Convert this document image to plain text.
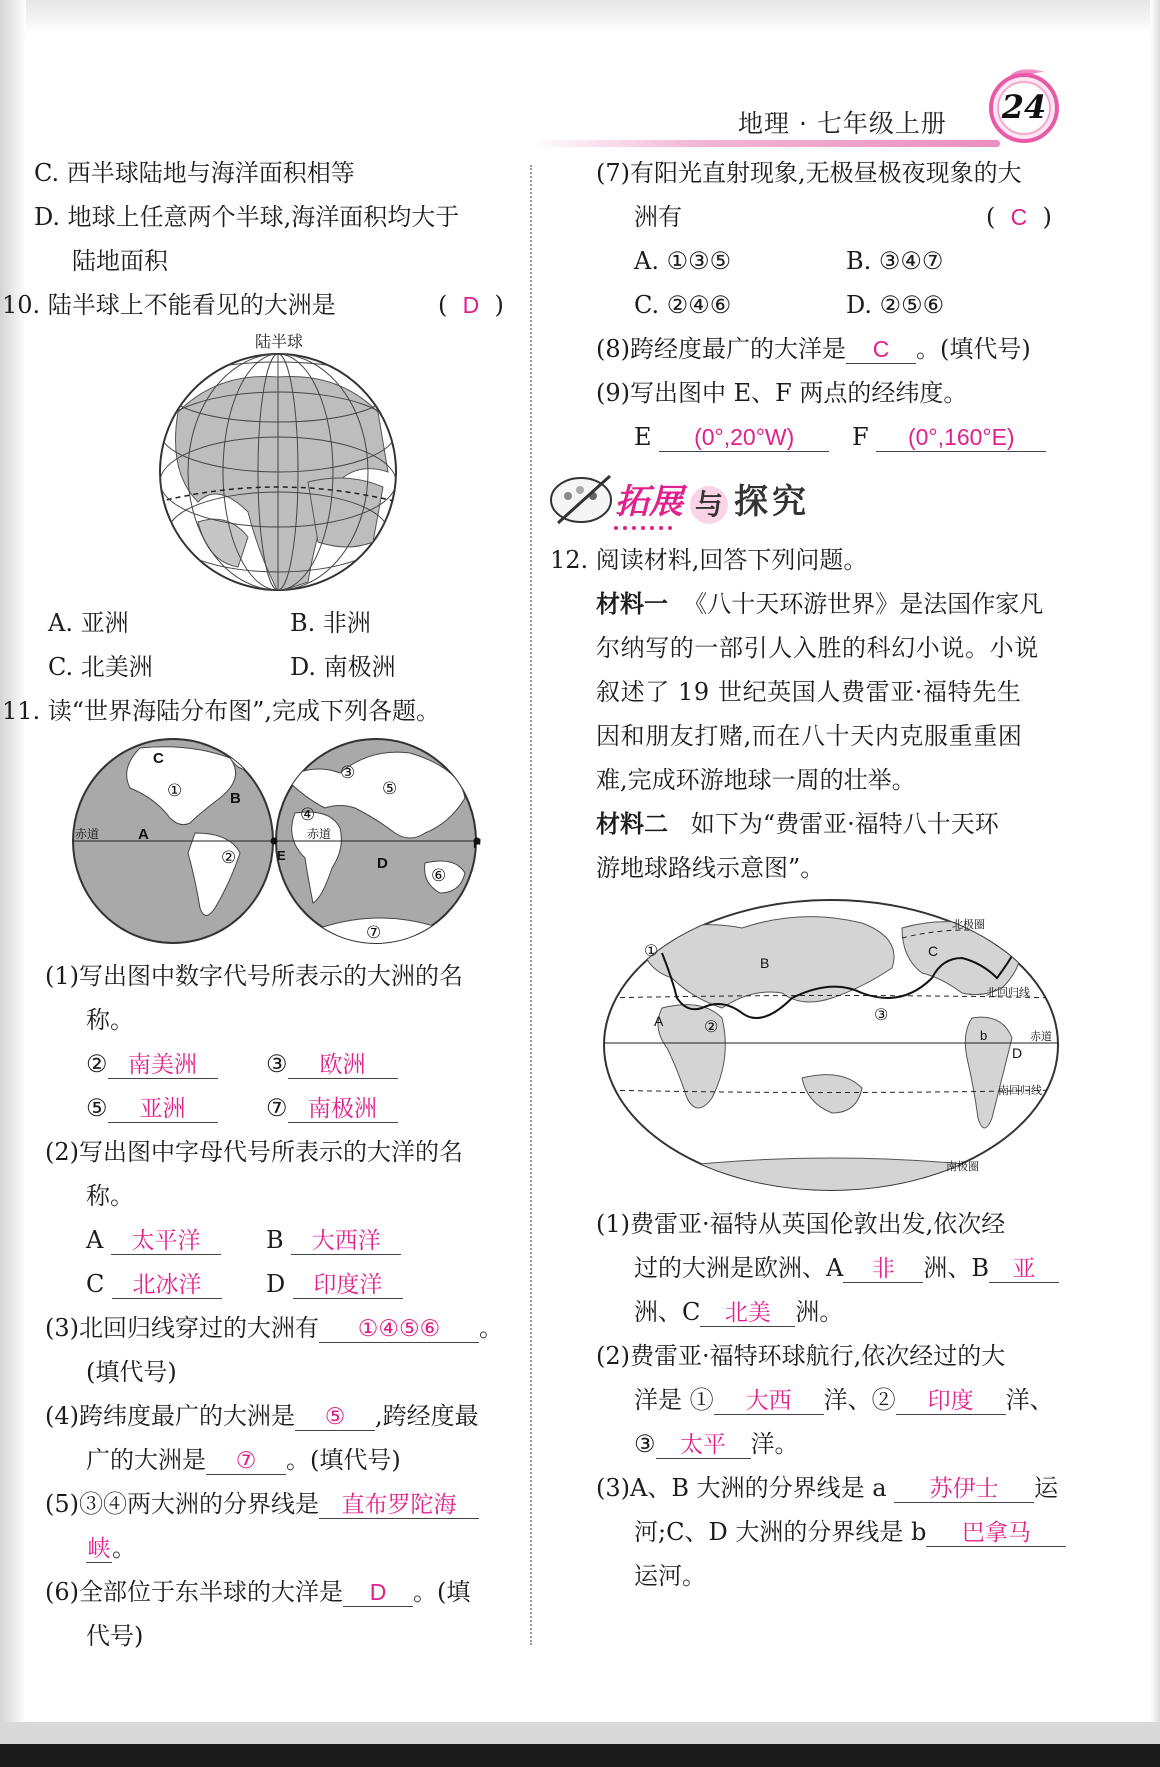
地理 · 七年级上册	24
C. 西半球陆地与海洋面积相等
D. 地球上任意两个半球,海洋面积均大于
陆地面积
10. 陆半球上不能看见的大洲是	(  D  )
陆半球
A. 亚洲	B. 非洲
C. 北美洲	D. 南极洲
11. 读“世界海陆分布图”,完成下列各题。
C
①	B
A
赤道
②	E
③
⑤
④
赤道
D
⑥
F
⑦
(1)写出图中数字代号所表示的大洲的名
称。
② 南美洲	③ 欧洲
⑤ 亚洲	⑦ 南极洲
(2)写出图中字母代号所表示的大洋的名
称。
A 太平洋	B 大西洋
C 北冰洋	D 印度洋
(3)北回归线穿过的大洲有 ①④⑤⑥ 。
(填代号)
(4)跨纬度最广的大洲是 ⑤ ,跨经度最
广的大洲是 ⑦ 。(填代号)
(5)③④两大洲的分界线是 直布罗陀海
峡。
(6)全部位于东半球的大洋是 D 。(填
代号)
(7)有阳光直射现象,无极昼极夜现象的大
洲有	(  C  )
A. ①③⑤	B. ③④⑦
C. ②④⑥	D. ②⑤⑥
(8)跨经度最广的大洋是 C 。(填代号)
(9)写出图中 E、F 两点的经纬度。
E (0°,20°W)	F (0°,160°E)
拓展 与 探究
12. 阅读材料,回答下列问题。
材料一 《八十天环游世界》是法国作家凡
尔纳写的一部引人入胜的科幻小说。小说
叙述了 19 世纪英国人费雷亚·福特先生
因和朋友打赌,而在八十天内克服重重困
难,完成环游地球一周的壮举。
材料二 如下为“费雷亚·福特八十天环
游地球路线示意图”。
A
B
C
D
①
②
③
b
北回归线
赤道
南回归线
南极圈
北极圈
(1)费雷亚·福特从英国伦敦出发,依次经
过的大洲是欧洲、A 非 洲、B 亚
洲、C 北美 洲。
(2)费雷亚·福特环球航行,依次经过的大
洋是 ① 大西 洋、② 印度 洋、
③ 太平 洋。
(3)A、B 大洲的分界线是 a 苏伊士 运
河;C、D 大洲的分界线是 b 巴拿马
运河。
